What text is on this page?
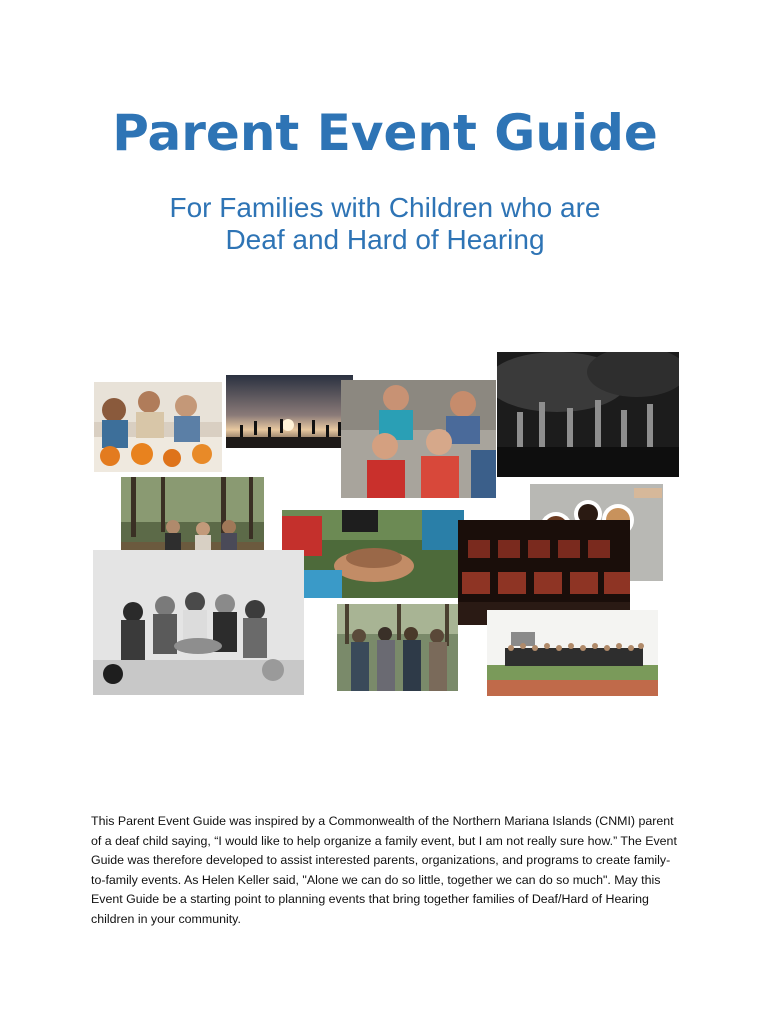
Parent Event Guide
For Families with Children who are
Deaf and Hard of Hearing

This Parent Event Guide was inspired by a Commonwealth of the Northern Mariana Islands (CNMI) parent of a deaf child saying, “I would like to help organize a family event, but I am not really sure how.” The Event Guide was therefore developed to assist interested parents, organizations, and programs to create family-to-family events. As Helen Keller said, "Alone we can do so little, together we can do so much". May this Event Guide be a starting point to planning events that bring together families of Deaf/Hard of Hearing children in your community.
